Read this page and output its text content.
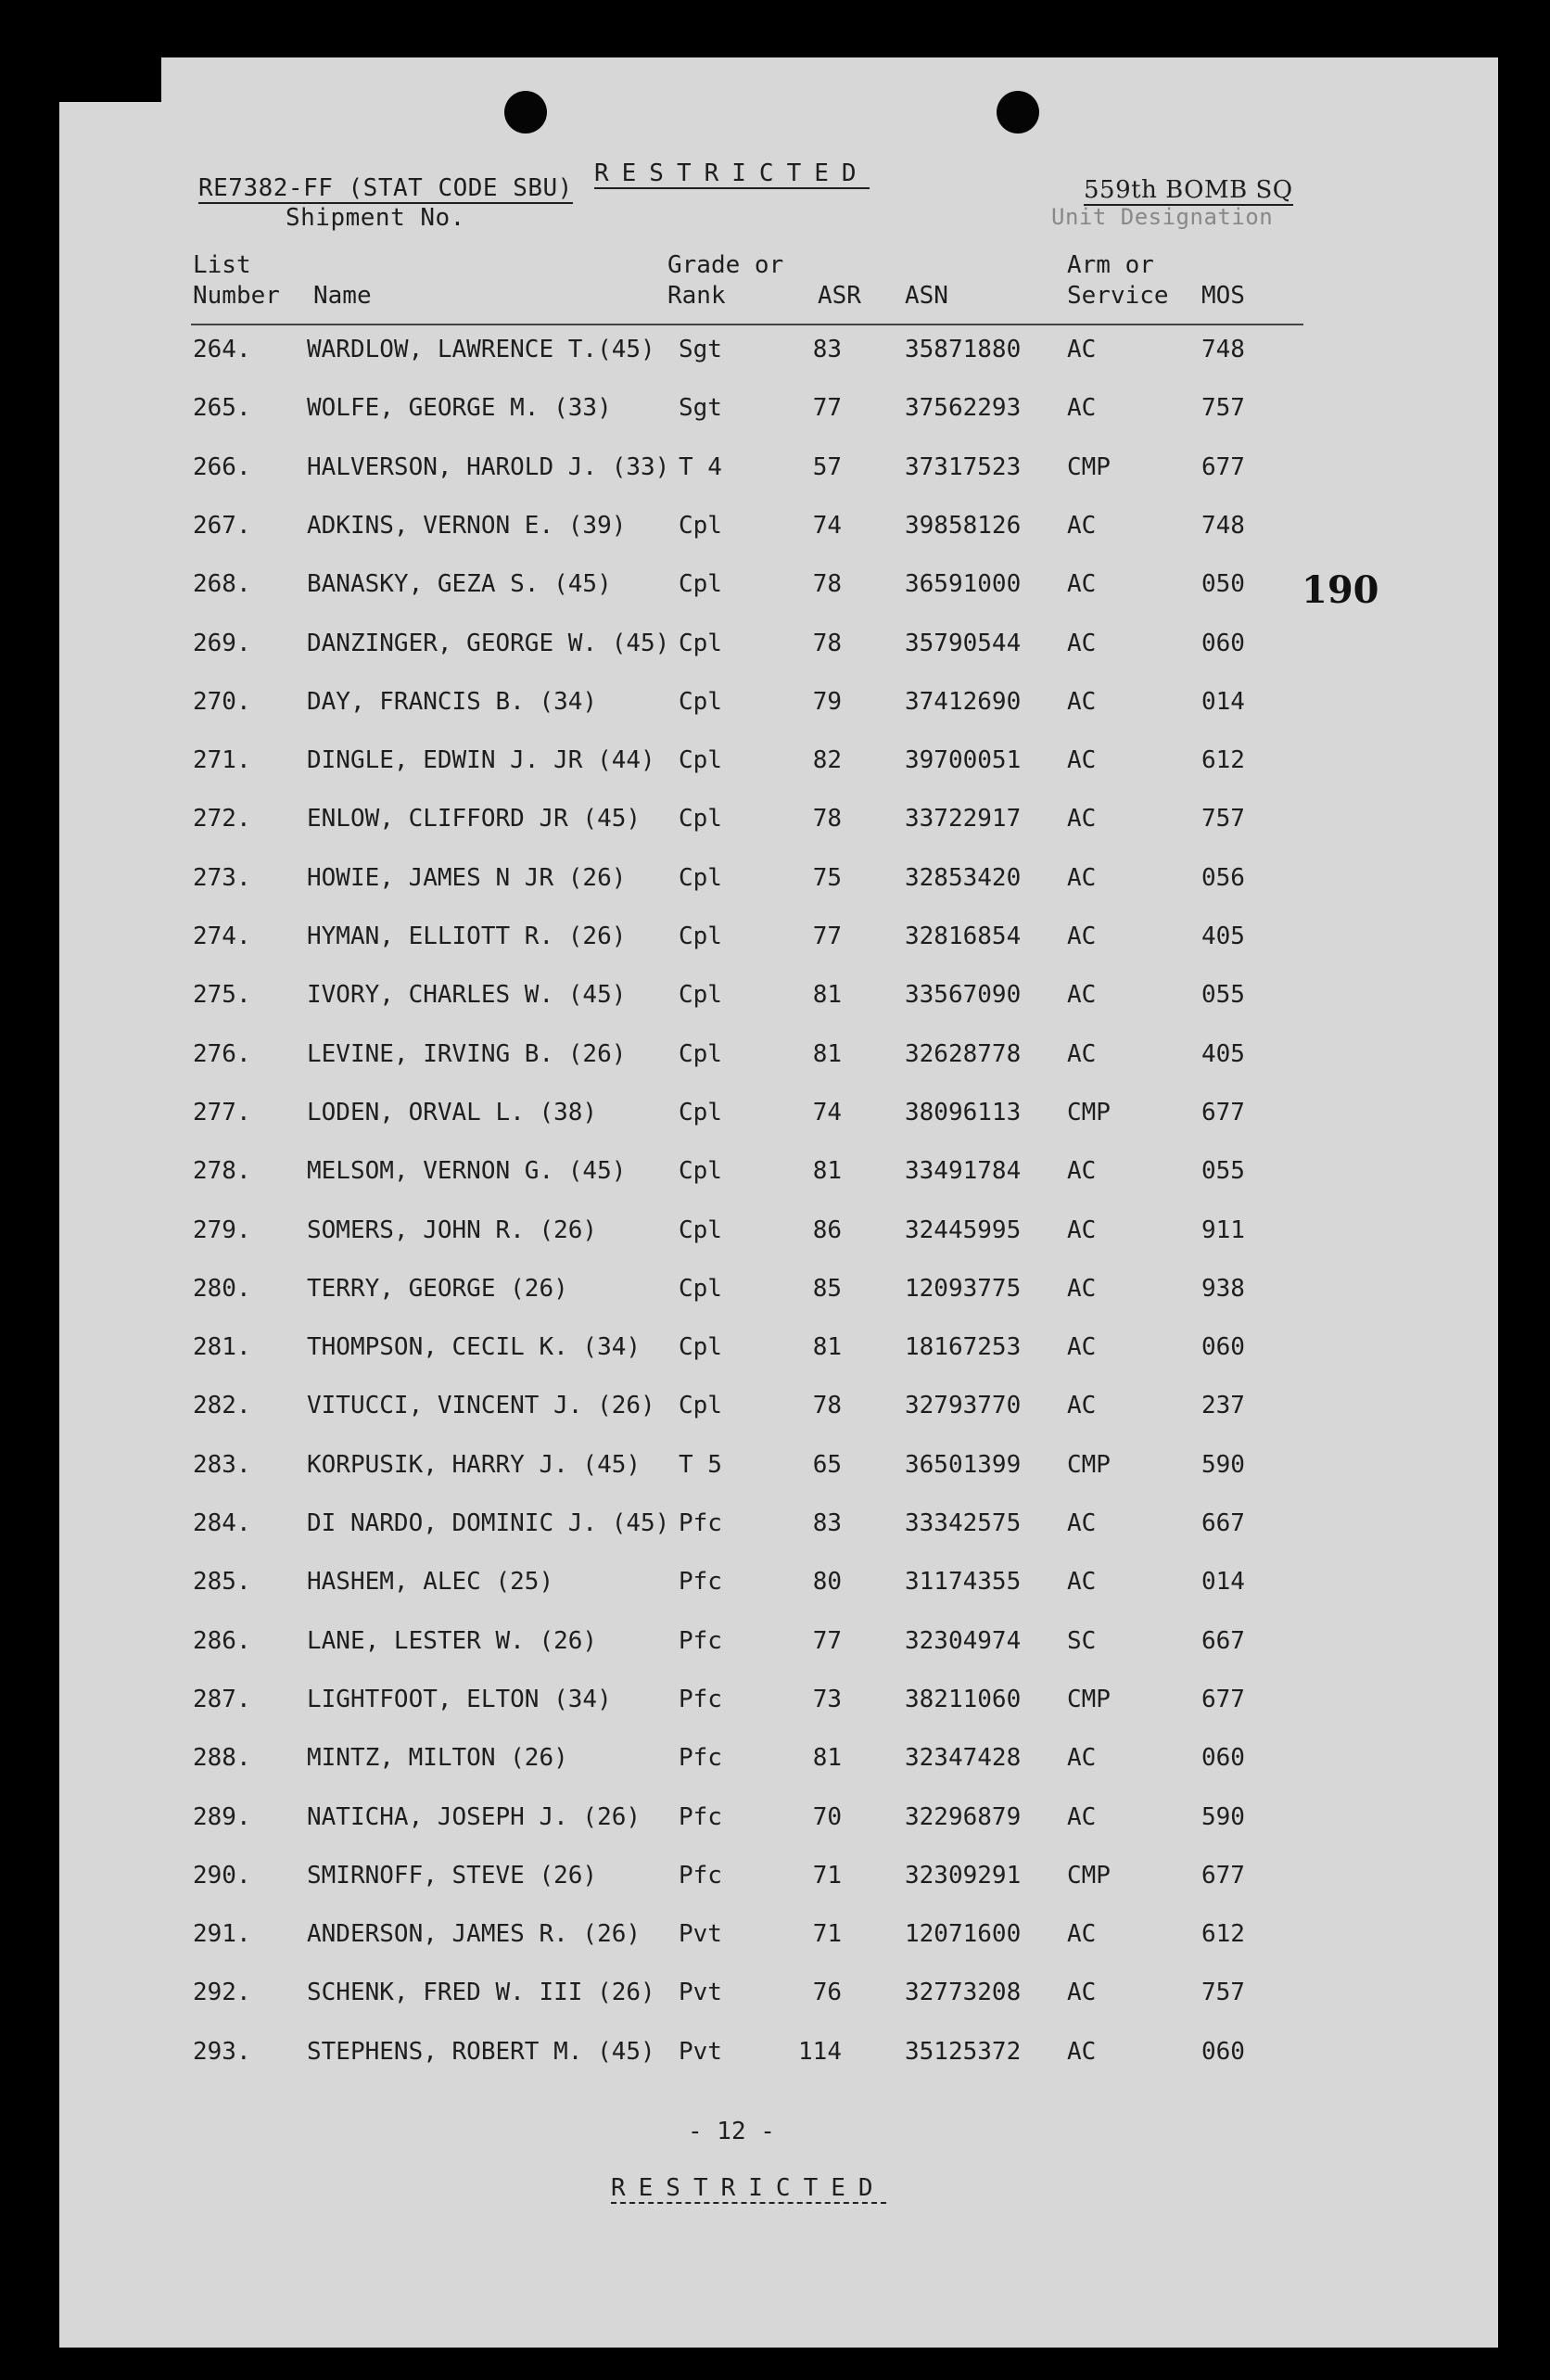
RE7382-FF (STAT CODE SBU)
Shipment No.
RESTRICTED
559th BOMB SQ
Unit Designation
List
Number Name
Grade or
Rank	ASR ASN
Arm or
Service MOS
264. WARDLOW, LAWRENCE T.(45) Sgt	83	35871880 AC	748
265. WOLFE, GEORGE M. (33)	Sgt	77	37562293 AC	757
266. HALVERSON, HAROLD J. (33) T 4	57	37317523 CMP	677
267. ADKINS, VERNON E. (39) Cpl	74	39858126 AC	748
268. BANASKY, GEZA S. (45)	Cpl	78	36591000 AC	050
269. DANZINGER, GEORGE W. (45) Cpl	78	35790544 AC	060
270. DAY, FRANCIS B. (34)	Cpl	79	37412690 AC	014
271. DINGLE, EDWIN J. JR (44) Cpl	82	39700051 AC	612
272. ENLOW, CLIFFORD JR (45) Cpl	78	33722917 AC	757
273. HOWIE, JAMES N JR (26) Cpl	75	32853420 AC	056
274. HYMAN, ELLIOTT R. (26) Cpl	77	32816854 AC	405
275. IVORY, CHARLES W. (45) Cpl	81	33567090 AC	055
276. LEVINE, IRVING B. (26) Cpl	81	32628778 AC	405
277. LODEN, ORVAL L. (38)	Cpl	74	38096113 CMP	677
278. MELSOM, VERNON G. (45) Cpl	81	33491784 AC	055
279. SOMERS, JOHN R. (26)	Cpl	86	32445995 AC	911
280. TERRY, GEORGE (26)	Cpl	85	12093775 AC	938
281. THOMPSON, CECIL K. (34) Cpl	81	18167253 AC	060
282. VITUCCI, VINCENT J. (26) Cpl	78	32793770 AC	237
283. KORPUSIK, HARRY J. (45) T 5	65	36501399 CMP	590
284. DI NARDO, DOMINIC J. (45) Pfc	83	33342575 AC	667
285. HASHEM, ALEC (25)	Pfc	80	31174355 AC	014
286. LANE, LESTER W. (26)	Pfc	77	32304974 SC	667
287. LIGHTFOOT, ELTON (34)	Pfc	73	38211060 CMP	677
288. MINTZ, MILTON (26)	Pfc	81	32347428 AC	060
289. NATICHA, JOSEPH J. (26) Pfc	70	32296879 AC	590
290. SMIRNOFF, STEVE (26)	Pfc	71	32309291 CMP	677
291. ANDERSON, JAMES R. (26) Pvt	71	12071600 AC	612
292. SCHENK, FRED W. III (26) Pvt	76	32773208 AC	757
293. STEPHENS, ROBERT M. (45) Pvt	114	35125372 AC	060
190
- 12 -
RESTRICTED
